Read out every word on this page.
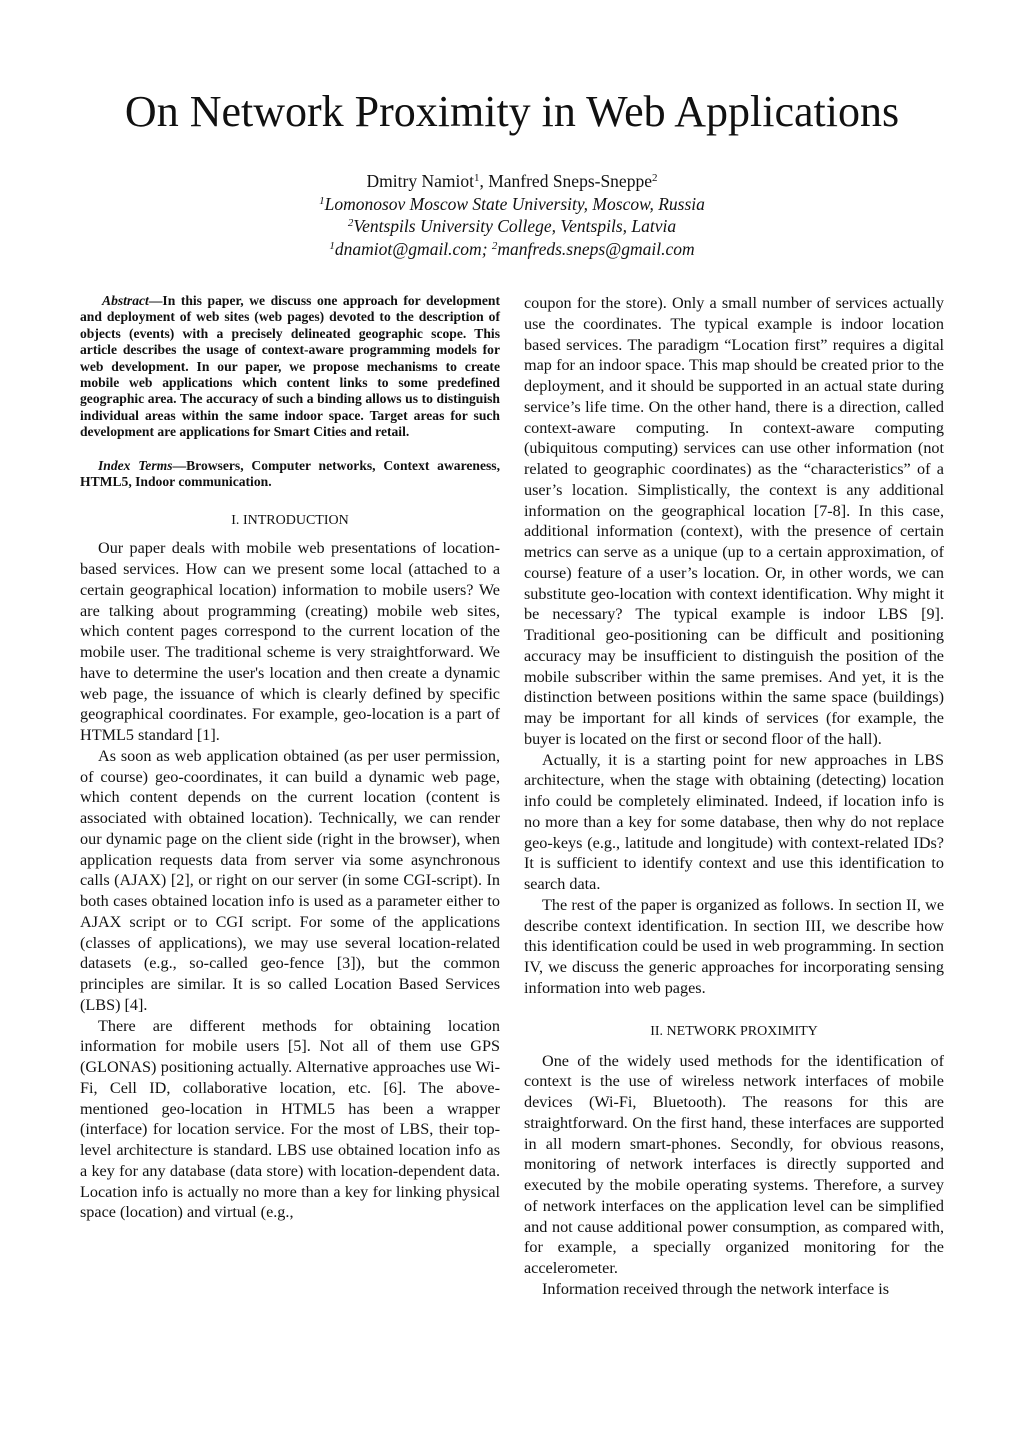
On Network Proximity in Web Applications
Dmitry Namiot$^1$, Manfred Sneps-Sneppe$^2$
$^1$Lomonosov Moscow State University, Moscow, Russia
$^2$Ventspils University College, Ventspils, Latvia
$^1$dnamiot@gmail.com; $^2$manfreds.sneps@gmail.com

Abstract—In this paper, we discuss one approach for development and deployment of web sites (web pages) devoted to the description of objects (events) with a precisely delineated geographic scope. This article describes the usage of context-aware programming models for web development. In our paper, we propose mechanisms to create mobile web applications which content links to some predefined geographic area. The accuracy of such a binding allows us to distinguish individual areas within the same indoor space. Target areas for such development are applications for Smart Cities and retail.

Index Terms—Browsers, Computer networks, Context awareness, HTML5, Indoor communication.

I. INTRODUCTION

Our paper deals with mobile web presentations of location-based services. How can we present some local (attached to a certain geographical location) information to mobile users? We are talking about programming (creating) mobile web sites, which content pages correspond to the current location of the mobile user. The traditional scheme is very straightforward. We have to determine the user's location and then create a dynamic web page, the issuance of which is clearly defined by specific geographical coordinates. For example, geo-location is a part of HTML5 standard [1].

As soon as web application obtained (as per user permission, of course) geo-coordinates, it can build a dynamic web page, which content depends on the current location (content is associated with obtained location). Technically, we can render our dynamic page on the client side (right in the browser), when application requests data from server via some asynchronous calls (AJAX) [2], or right on our server (in some CGI-script). In both cases obtained location info is used as a parameter either to AJAX script or to CGI script. For some of the applications (classes of applications), we may use several location-related datasets (e.g., so-called geo-fence [3]), but the common principles are similar. It is so called Location Based Services (LBS) [4].

There are different methods for obtaining location information for mobile users [5]. Not all of them use GPS (GLONAS) positioning actually. Alternative approaches use Wi-Fi, Cell ID, collaborative location, etc. [6]. The above-mentioned geo-location in HTML5 has been a wrapper (interface) for location service. For the most of LBS, their top-level architecture is standard. LBS use obtained location info as a key for any database (data store) with location-dependent data. Location info is actually no more than a key for linking physical space (location) and virtual (e.g.,

coupon for the store). Only a small number of services actually use the coordinates. The typical example is indoor location based services. The paradigm “Location first” requires a digital map for an indoor space. This map should be created prior to the deployment, and it should be supported in an actual state during service’s life time. On the other hand, there is a direction, called context-aware computing. In context-aware computing (ubiquitous computing) services can use other information (not related to geographic coordinates) as the “characteristics” of a user’s location. Simplistically, the context is any additional information on the geographical location [7-8]. In this case, additional information (context), with the presence of certain metrics can serve as a unique (up to a certain approximation, of course) feature of a user’s location. Or, in other words, we can substitute geo-location with context identification. Why might it be necessary? The typical example is indoor LBS [9]. Traditional geo-positioning can be difficult and positioning accuracy may be insufficient to distinguish the position of the mobile subscriber within the same premises. And yet, it is the distinction between positions within the same space (buildings) may be important for all kinds of services (for example, the buyer is located on the first or second floor of the hall).

Actually, it is a starting point for new approaches in LBS architecture, when the stage with obtaining (detecting) location info could be completely eliminated. Indeed, if location info is no more than a key for some database, then why do not replace geo-keys (e.g., latitude and longitude) with context-related IDs? It is sufficient to identify context and use this identification to search data.

The rest of the paper is organized as follows. In section II, we describe context identification. In section III, we describe how this identification could be used in web programming. In section IV, we discuss the generic approaches for incorporating sensing information into web pages.

II. NETWORK PROXIMITY

One of the widely used methods for the identification of context is the use of wireless network interfaces of mobile devices (Wi-Fi, Bluetooth). The reasons for this are straightforward. On the first hand, these interfaces are supported in all modern smart-phones. Secondly, for obvious reasons, monitoring of network interfaces is directly supported and executed by the mobile operating systems. Therefore, a survey of network interfaces on the application level can be simplified and not cause additional power consumption, as compared with, for example, a specially organized monitoring for the accelerometer.

Information received through the network interface is
